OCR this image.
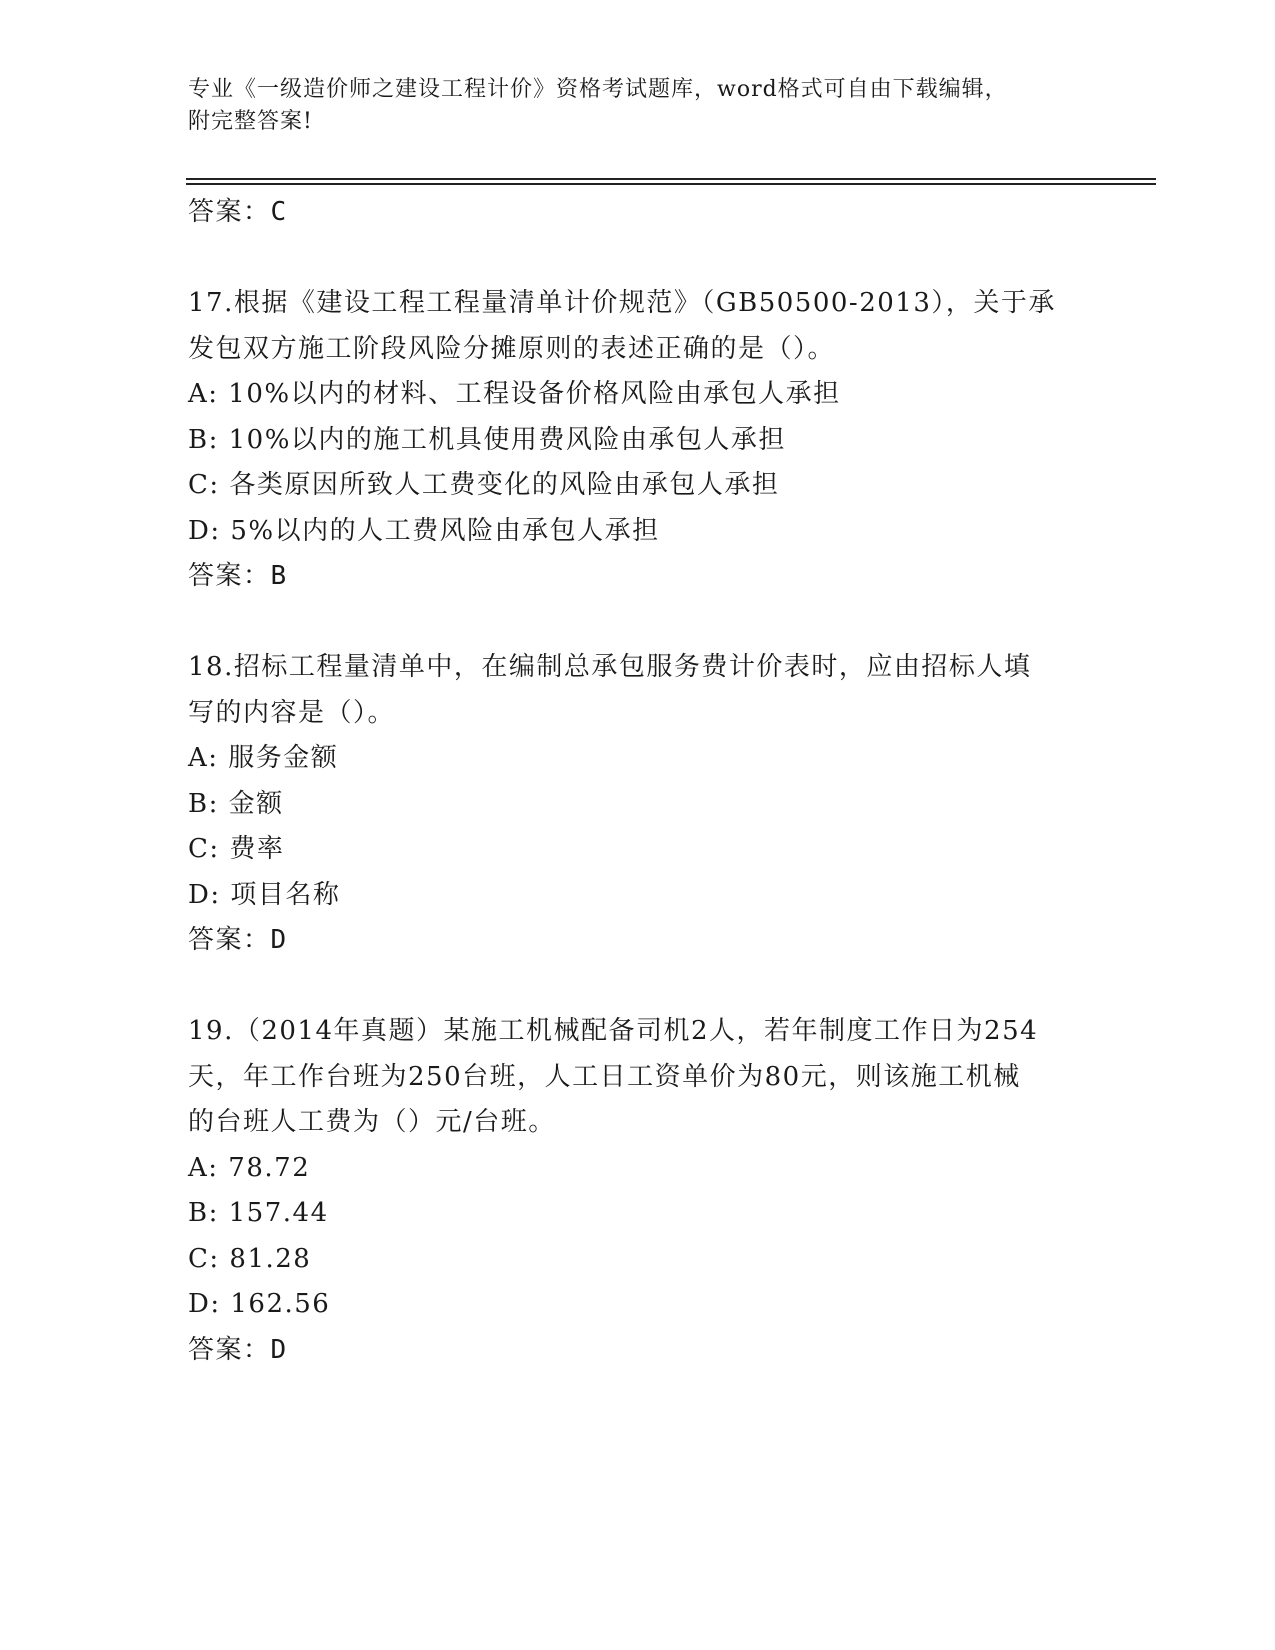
专业《一级造价师之建设工程计价》资格考试题库，word格式可自由下载编辑，
附完整答案!
答案：C
17.根据《建设工程工程量清单计价规范》（GB50500-2013），关于承
发包双方施工阶段风险分摊原则的表述正确的是（）。
A: 10%以内的材料、工程设备价格风险由承包人承担
B: 10%以内的施工机具使用费风险由承包人承担
C: 各类原因所致人工费变化的风险由承包人承担
D: 5%以内的人工费风险由承包人承担
答案：B
18.招标工程量清单中，在编制总承包服务费计价表时，应由招标人填
写的内容是（）。
A: 服务金额
B: 金额
C: 费率
D: 项目名称
答案：D
19.（2014年真题）某施工机械配备司机2人，若年制度工作日为254
天，年工作台班为250台班，人工日工资单价为80元，则该施工机械
的台班人工费为（）元/台班。
A: 78.72
B: 157.44
C: 81.28
D: 162.56
答案：D
